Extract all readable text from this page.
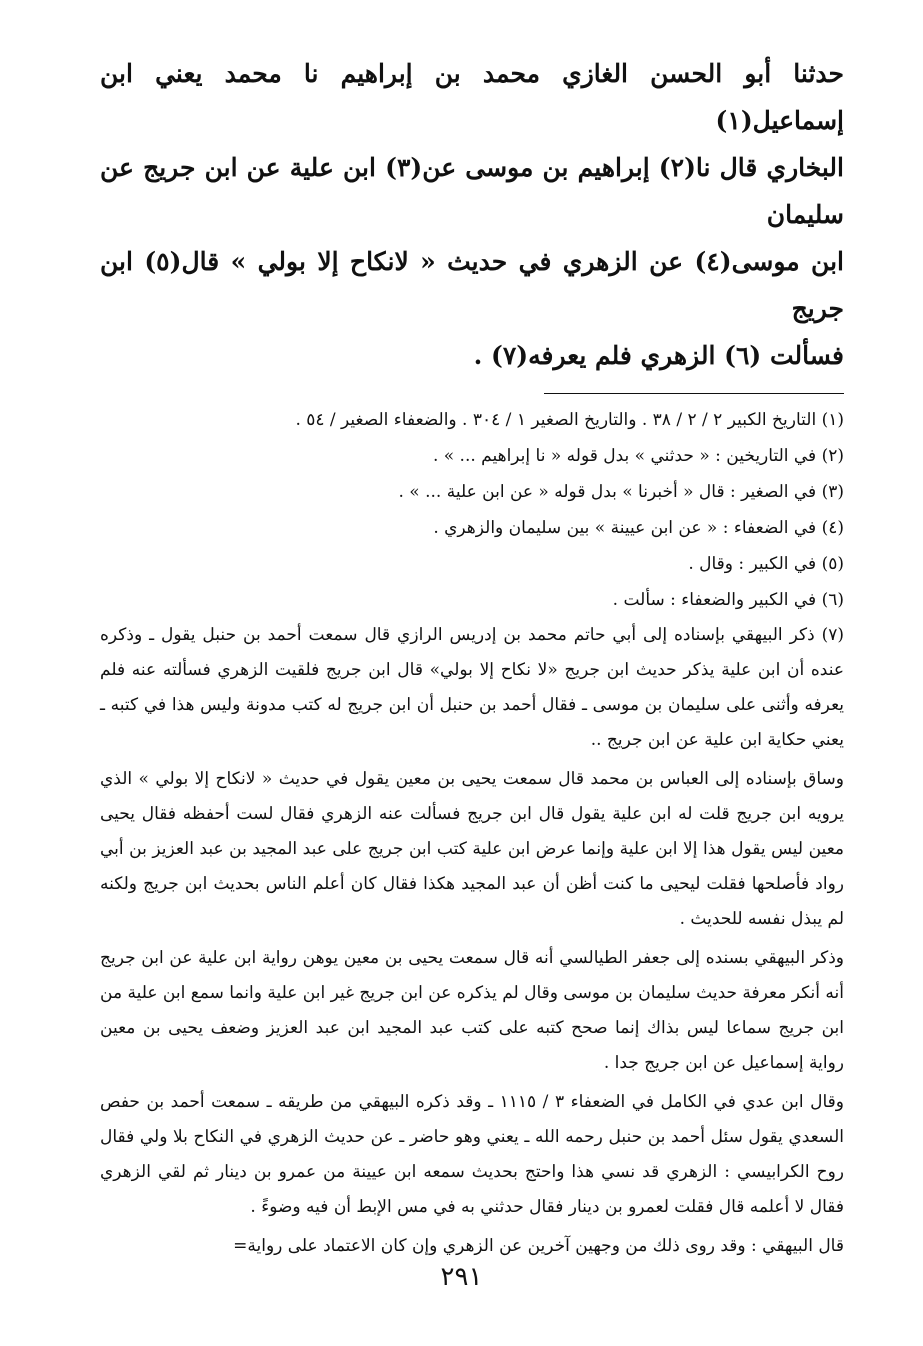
حدثنا أبو الحسن الغازي محمد بن إبراهيم نا محمد يعني ابن إسماعيل(١)

البخاري قال نا(٢) إبراهيم بن موسى عن(٣) ابن علية عن ابن جريج عن سليمان

ابن موسى(٤) عن الزهري في حديث « لانكاح إلا بولي » قال(٥) ابن جريج

فسألت (٦) الزهري فلم يعرفه(٧) .

(١) التاريخ الكبير ٢ / ٢ / ٣٨ . والتاريخ الصغير ١ / ٣٠٤ . والضعفاء الصغير / ٥٤ .

(٢) في التاريخين : « حدثني » بدل قوله « نا إبراهيم ... » .

(٣) في الصغير : قال « أخبرنا » بدل قوله « عن ابن علية ... » .

(٤) في الضعفاء : « عن ابن عيينة » بين سليمان والزهري .

(٥) في الكبير : وقال .

(٦) في الكبير والضعفاء : سألت .

(٧) ذكر البيهقي بإسناده إلى أبي حاتم محمد بن إدريس الرازي قال سمعت أحمد بن حنبل يقول ـ وذكره عنده أن ابن علية يذكر حديث ابن جريج «لا نكاح إلا بولي» قال ابن جريج فلقيت الزهري فسألته عنه فلم يعرفه وأثنى على سليمان بن موسى ـ فقال أحمد بن حنبل أن ابن جريج له كتب مدونة وليس هذا في كتبه ـ يعني حكاية ابن علية عن ابن جريج ..

وساق بإسناده إلى العباس بن محمد قال سمعت يحيى بن معين يقول في حديث « لانكاح إلا بولي » الذي يرويه ابن جريج قلت له ابن علية يقول قال ابن جريج فسألت عنه الزهري فقال لست أحفظه فقال يحيى معين ليس يقول هذا إلا ابن علية وإنما عرض ابن علية كتب ابن جريج على عبد المجيد بن عبد العزيز بن أبي رواد فأصلحها فقلت ليحيى ما كنت أظن أن عبد المجيد هكذا فقال كان أعلم الناس بحديث ابن جريج ولكنه لم يبذل نفسه للحديث .

وذكر البيهقي بسنده إلى جعفر الطيالسي أنه قال سمعت يحيى بن معين يوهن رواية ابن علية عن ابن جريج أنه أنكر معرفة حديث سليمان بن موسى وقال لم يذكره عن ابن جريج غير ابن علية وانما سمع ابن علية من ابن جريج سماعا ليس بذاك إنما صحح كتبه على كتب عبد المجيد ابن عبد العزيز وضعف يحيى بن معين رواية إسماعيل عن ابن جريج جدا .

وقال ابن عدي في الكامل في الضعفاء ٣ / ١١١٥ ـ وقد ذكره البيهقي من طريقه ـ سمعت أحمد بن حفص السعدي يقول سئل أحمد بن حنبل رحمه الله ـ يعني وهو حاضر ـ عن حديث الزهري في النكاح بلا ولي فقال روح الكرابيسي : الزهري قد نسي هذا واحتج بحديث سمعه ابن عيينة من عمرو بن دينار ثم لقي الزهري فقال لا أعلمه قال فقلت لعمرو بن دينار فقال حدثني به في مس الإبط أن فيه وضوءً .

قال البيهقي : وقد روى ذلك من وجهين آخرين عن الزهري وإن كان الاعتماد على رواية=

٢٩١
